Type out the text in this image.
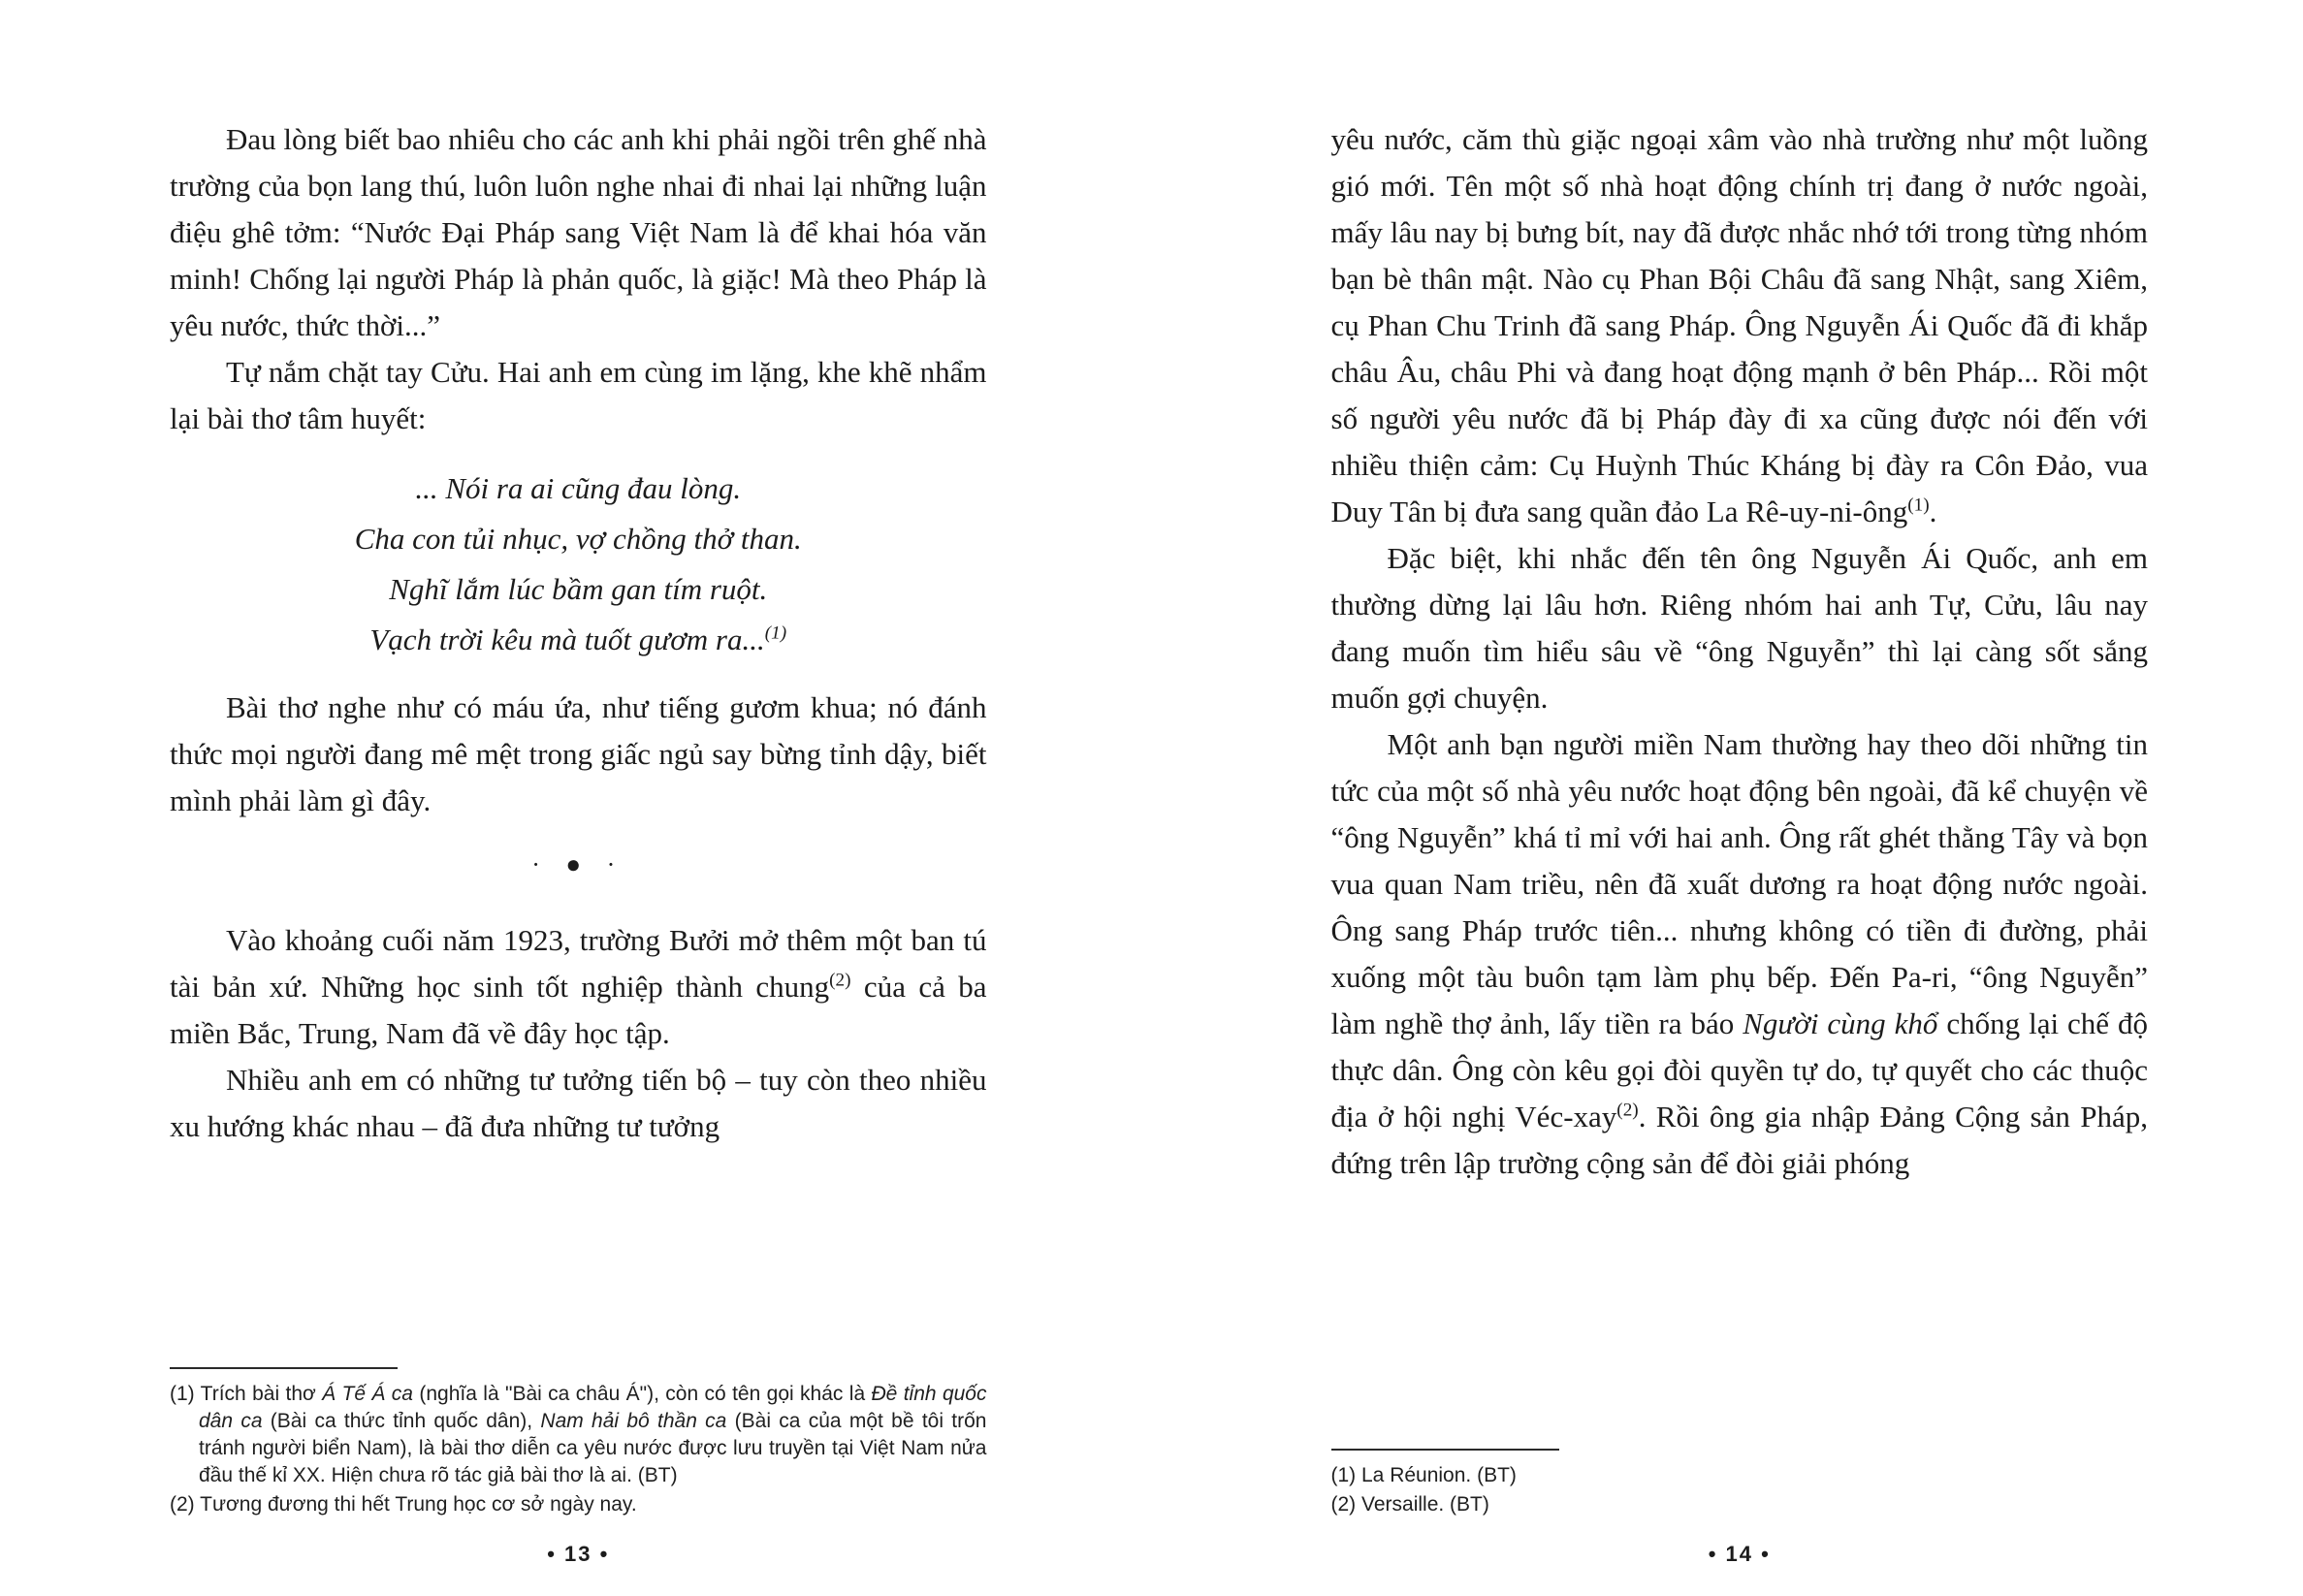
Đau lòng biết bao nhiêu cho các anh khi phải ngồi trên ghế nhà trường của bọn lang thú, luôn luôn nghe nhai đi nhai lại những luận điệu ghê tởm: “Nước Đại Pháp sang Việt Nam là để khai hóa văn minh! Chống lại người Pháp là phản quốc, là giặc! Mà theo Pháp là yêu nước, thức thời...”

Tự nắm chặt tay Cửu. Hai anh em cùng im lặng, khe khẽ nhẩm lại bài thơ tâm huyết:

... Nói ra ai cũng đau lòng.
Cha con tủi nhục, vợ chồng thở than.
Nghĩ lắm lúc bầm gan tím ruột.
Vạch trời kêu mà tuốt gươm ra...$^{(1)}$

Bài thơ nghe như có máu ứa, như tiếng gươm khua; nó đánh thức mọi người đang mê mệt trong giấc ngủ say bừng tỉnh dậy, biết mình phải làm gì đây.

· ● ·

Vào khoảng cuối năm 1923, trường Bưởi mở thêm một ban tú tài bản xứ. Những học sinh tốt nghiệp thành chung$^{(2)}$ của cả ba miền Bắc, Trung, Nam đã về đây học tập.

Nhiều anh em có những tư tưởng tiến bộ – tuy còn theo nhiều xu hướng khác nhau – đã đưa những tư tưởng

(1) Trích bài thơ Á Tế Á ca (nghĩa là "Bài ca châu Á"), còn có tên gọi khác là Đề tỉnh quốc dân ca (Bài ca thức tỉnh quốc dân), Nam hải bô thần ca (Bài ca của một bề tôi trốn tránh người biển Nam), là bài thơ diễn ca yêu nước được lưu truyền tại Việt Nam nửa đầu thế kỉ XX. Hiện chưa rõ tác giả bài thơ là ai. (BT)

(2) Tương đương thi hết Trung học cơ sở ngày nay.

• 13 •

yêu nước, căm thù giặc ngoại xâm vào nhà trường như một luồng gió mới. Tên một số nhà hoạt động chính trị đang ở nước ngoài, mấy lâu nay bị bưng bít, nay đã được nhắc nhớ tới trong từng nhóm bạn bè thân mật. Nào cụ Phan Bội Châu đã sang Nhật, sang Xiêm, cụ Phan Chu Trinh đã sang Pháp. Ông Nguyễn Ái Quốc đã đi khắp châu Âu, châu Phi và đang hoạt động mạnh ở bên Pháp... Rồi một số người yêu nước đã bị Pháp đày đi xa cũng được nói đến với nhiều thiện cảm: Cụ Huỳnh Thúc Kháng bị đày ra Côn Đảo, vua Duy Tân bị đưa sang quần đảo La Rê-uy-ni-ông$^{(1)}$.

Đặc biệt, khi nhắc đến tên ông Nguyễn Ái Quốc, anh em thường dừng lại lâu hơn. Riêng nhóm hai anh Tự, Cửu, lâu nay đang muốn tìm hiểu sâu về “ông Nguyễn” thì lại càng sốt sắng muốn gợi chuyện.

Một anh bạn người miền Nam thường hay theo dõi những tin tức của một số nhà yêu nước hoạt động bên ngoài, đã kể chuyện về “ông Nguyễn” khá tỉ mỉ với hai anh. Ông rất ghét thằng Tây và bọn vua quan Nam triều, nên đã xuất dương ra hoạt động nước ngoài. Ông sang Pháp trước tiên... nhưng không có tiền đi đường, phải xuống một tàu buôn tạm làm phụ bếp. Đến Pa-ri, “ông Nguyễn” làm nghề thợ ảnh, lấy tiền ra báo Người cùng khổ chống lại chế độ thực dân. Ông còn kêu gọi đòi quyền tự do, tự quyết cho các thuộc địa ở hội nghị Véc-xay$^{(2)}$. Rồi ông gia nhập Đảng Cộng sản Pháp, đứng trên lập trường cộng sản để đòi giải phóng

(1) La Réunion. (BT)

(2) Versaille. (BT)

• 14 •
